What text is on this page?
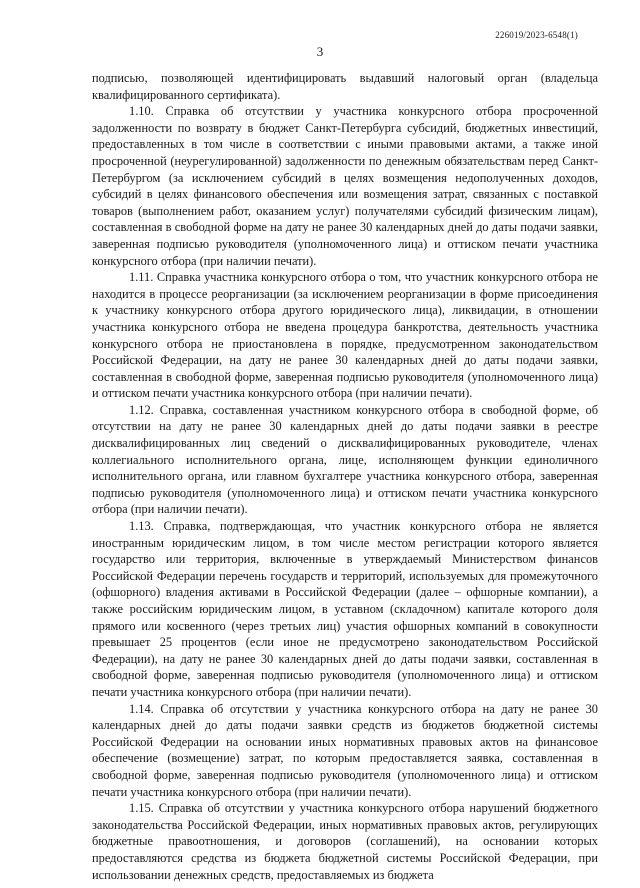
226019/2023-6548(1)
3

подписью, позволяющей идентифицировать выдавший налоговый орган (владельца квалифицированного сертификата).

1.10. Справка об отсутствии у участника конкурсного отбора просроченной задолженности по возврату в бюджет Санкт-Петербурга субсидий, бюджетных инвестиций, предоставленных в том числе в соответствии с иными правовыми актами, а также иной просроченной (неурегулированной) задолженности по денежным обязательствам перед Санкт-Петербургом (за исключением субсидий в целях возмещения недополученных доходов, субсидий в целях финансового обеспечения или возмещения затрат, связанных с поставкой товаров (выполнением работ, оказанием услуг) получателями субсидий физическим лицам), составленная в свободной форме на дату не ранее 30 календарных дней до даты подачи заявки, заверенная подписью руководителя (уполномоченного лица) и оттиском печати участника конкурсного отбора (при наличии печати).

1.11. Справка участника конкурсного отбора о том, что участник конкурсного отбора не находится в процессе реорганизации (за исключением реорганизации в форме присоединения к участнику конкурсного отбора другого юридического лица), ликвидации, в отношении участника конкурсного отбора не введена процедура банкротства, деятельность участника конкурсного отбора не приостановлена в порядке, предусмотренном законодательством Российской Федерации, на дату не ранее 30 календарных дней до даты подачи заявки, составленная в свободной форме, заверенная подписью руководителя (уполномоченного лица) и оттиском печати участника конкурсного отбора (при наличии печати).

1.12. Справка, составленная участником конкурсного отбора в свободной форме, об отсутствии на дату не ранее 30 календарных дней до даты подачи заявки в реестре дисквалифицированных лиц сведений о дисквалифицированных руководителе, членах коллегиального исполнительного органа, лице, исполняющем функции единоличного исполнительного органа, или главном бухгалтере участника конкурсного отбора, заверенная подписью руководителя (уполномоченного лица) и оттиском печати участника конкурсного отбора (при наличии печати).

1.13. Справка, подтверждающая, что участник конкурсного отбора не является иностранным юридическим лицом, в том числе местом регистрации которого является государство или территория, включенные в утверждаемый Министерством финансов Российской Федерации перечень государств и территорий, используемых для промежуточного (офшорного) владения активами в Российской Федерации (далее – офшорные компании), а также российским юридическим лицом, в уставном (складочном) капитале которого доля прямого или косвенного (через третьих лиц) участия офшорных компаний в совокупности превышает 25 процентов (если иное не предусмотрено законодательством Российской Федерации), на дату не ранее 30 календарных дней до даты подачи заявки, составленная в свободной форме, заверенная подписью руководителя (уполномоченного лица) и оттиском печати участника конкурсного отбора (при наличии печати).

1.14. Справка об отсутствии у участника конкурсного отбора на дату не ранее 30 календарных дней до даты подачи заявки средств из бюджетов бюджетной системы Российской Федерации на основании иных нормативных правовых актов на финансовое обеспечение (возмещение) затрат, по которым предоставляется заявка, составленная в свободной форме, заверенная подписью руководителя (уполномоченного лица) и оттиском печати участника конкурсного отбора (при наличии печати).

1.15. Справка об отсутствии у участника конкурсного отбора нарушений бюджетного законодательства Российской Федерации, иных нормативных правовых актов, регулирующих бюджетные правоотношения, и договоров (соглашений), на основании которых предоставляются средства из бюджета бюджетной системы Российской Федерации, при использовании денежных средств, предоставляемых из бюджета
